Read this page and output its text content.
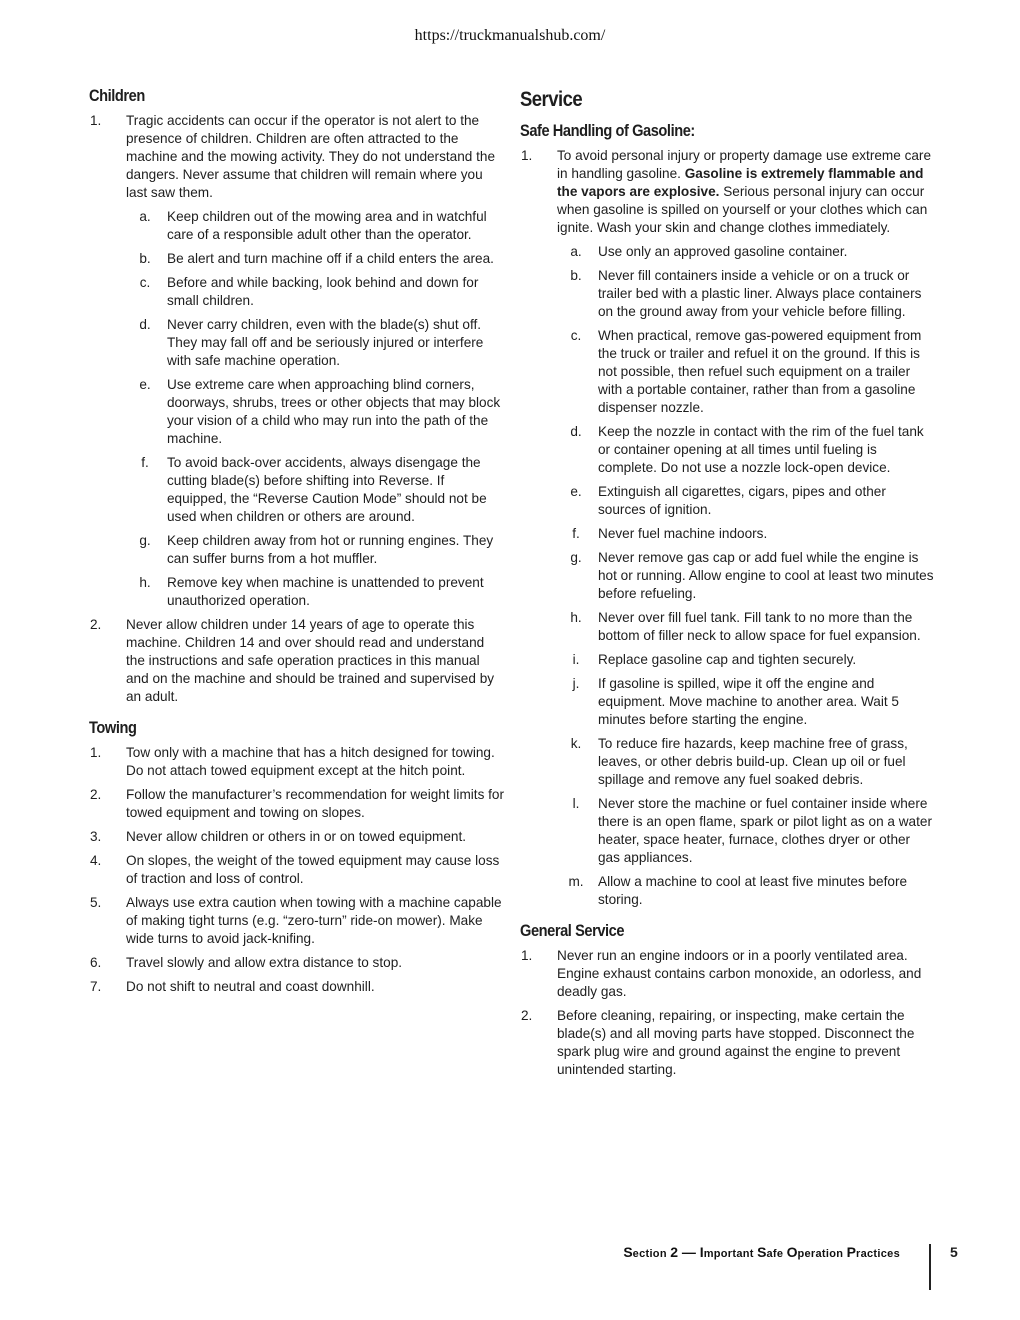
https://truckmanualshub.com/
Children
1. Tragic accidents can occur if the operator is not alert to the presence of children. Children are often attracted to the machine and the mowing activity. They do not understand the dangers. Never assume that children will remain where you last saw them.
a. Keep children out of the mowing area and in watchful care of a responsible adult other than the operator.
b. Be alert and turn machine off if a child enters the area.
c. Before and while backing, look behind and down for small children.
d. Never carry children, even with the blade(s) shut off. They may fall off and be seriously injured or interfere with safe machine operation.
e. Use extreme care when approaching blind corners, doorways, shrubs, trees or other objects that may block your vision of a child who may run into the path of the machine.
f.	To avoid back-over accidents, always disengage the cutting blade(s) before shifting into Reverse. If equipped, the “Reverse Caution Mode” should not be used when children or others are around.
g. Keep children away from hot or running engines. They can suffer burns from a hot muffler.
h. Remove key when machine is unattended to prevent unauthorized operation.
2. Never allow children under 14 years of age to operate this machine. Children 14 and over should read and understand the instructions and safe operation practices in this manual and on the machine and should be trained and supervised by an adult.
Towing
1. Tow only with a machine that has a hitch designed for towing. Do not attach towed equipment except at the hitch point.
2. Follow the manufacturer’s recommendation for weight limits for towed equipment and towing on slopes.
3. Never allow children or others in or on towed equipment.
4. On slopes, the weight of the towed equipment may cause loss of traction and loss of control.
5. Always use extra caution when towing with a machine capable of making tight turns (e.g. “zero-turn” ride-on mower). Make wide turns to avoid jack-knifing.
6. Travel slowly and allow extra distance to stop.
7. Do not shift to neutral and coast downhill.
Service
Safe Handling of Gasoline:
1. To avoid personal injury or property damage use extreme care in handling gasoline. Gasoline is extremely flammable and the vapors are explosive. Serious personal injury can occur when gasoline is spilled on yourself or your clothes which can ignite. Wash your skin and change clothes immediately.
a. Use only an approved gasoline container.
b. Never fill containers inside a vehicle or on a truck or trailer bed with a plastic liner. Always place containers on the ground away from your vehicle before filling.
c. When practical, remove gas-powered equipment from the truck or trailer and refuel it on the ground. If this is not possible, then refuel such equipment on a trailer with a portable container, rather than from a gasoline dispenser nozzle.
d. Keep the nozzle in contact with the rim of the fuel tank or container opening at all times until fueling is complete. Do not use a nozzle lock-open device.
e. Extinguish all cigarettes, cigars, pipes and other sources of ignition.
f.	Never fuel machine indoors.
g. Never remove gas cap or add fuel while the engine is hot or running. Allow engine to cool at least two minutes before refueling.
h. Never over fill fuel tank. Fill tank to no more than the bottom of filler neck to allow space for fuel expansion.
i.	Replace gasoline cap and tighten securely.
j.	If gasoline is spilled, wipe it off the engine and equipment. Move machine to another area. Wait 5 minutes before starting the engine.
k. To reduce fire hazards, keep machine free of grass, leaves, or other debris build-up. Clean up oil or fuel spillage and remove any fuel soaked debris.
l.	Never store the machine or fuel container inside where there is an open flame, spark or pilot light as on a water heater, space heater, furnace, clothes dryer or other gas appliances.
m. Allow a machine to cool at least five minutes before storing.
General Service
1. Never run an engine indoors or in a poorly ventilated area. Engine exhaust contains carbon monoxide, an odorless, and deadly gas.
2. Before cleaning, repairing, or inspecting, make certain the blade(s) and all moving parts have stopped. Disconnect the spark plug wire and ground against the engine to prevent unintended starting.
Section 2 — Important Safe Operation Practices	5
